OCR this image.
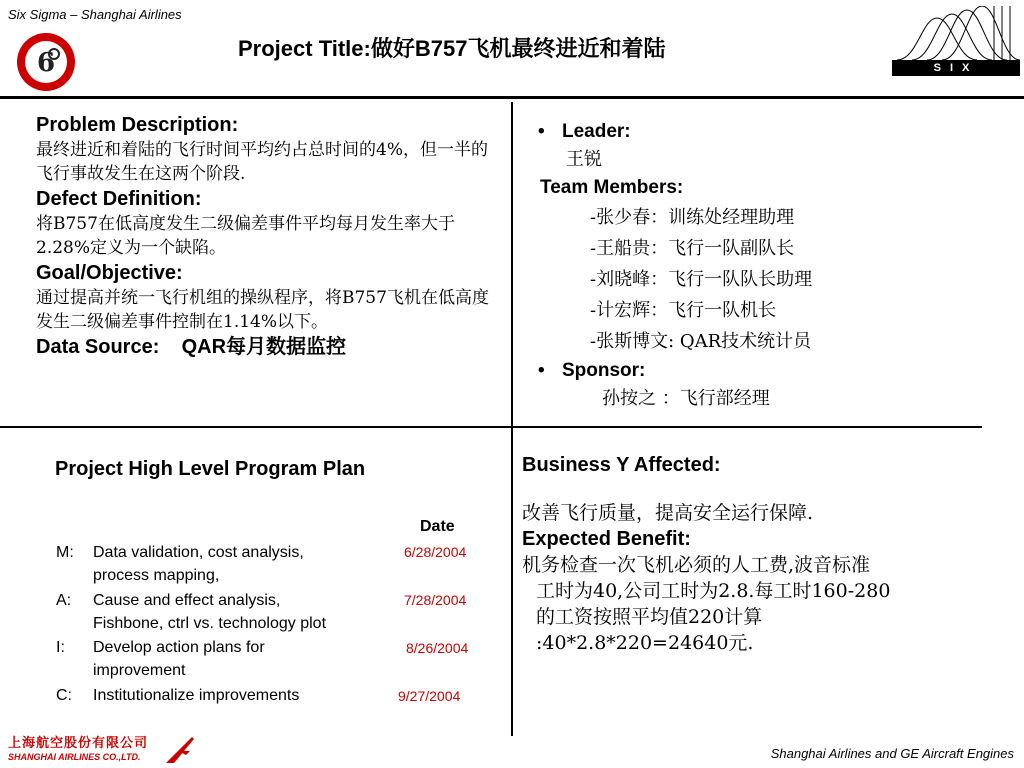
Six Sigma – Shanghai Airlines
6	Project Title:做好B757飞机最终进近和着陆
SIX SIGMA

Problem Description:

最终进近和着陆的飞行时间平均约占总时间的4%，但一半的飞行事故发生在这两个阶段.

Defect Definition:

将B757在低高度发生二级偏差事件平均每月发生率大于2.28%定义为一个缺陷。

Goal/Objective:

通过提高并统一飞行机组的操纵程序，将B757飞机在低高度发生二级偏差事件控制在1.14%以下。

Data Source: QAR每月数据监控

• Leader:
王锐
Team Members:
-张少春：训练处经理助理
-王船贵：飞行一队副队长
-刘晓峰：飞行一队队长助理
-计宏辉：飞行一队机长
-张斯博文: QAR技术统计员
• Sponsor:
孙按之 ：飞行部经理
Project High Level Program Plan
Date
M: Data validation, cost analysis,
process mapping,
6/28/2004
A: Cause and effect analysis,
Fishbone, ctrl vs. technology plot
7/28/2004
I: Develop action plans for
improvement
8/26/2004
C: Institutionalize improvements	9/27/2004

Business Y Affected:

改善飞行质量，提高安全运行保障.

Expected Benefit:

机务检查一次飞机必须的人工费,波音标准

工时为40,公司工时为2.8.每工时160-280

的工资按照平均值220计算

:40*2.8*220=24640元.

上海航空股份有限公司
SHANGHAI AIRLINES CO.,LTD.	Shanghai Airlines and GE Aircraft Engines
